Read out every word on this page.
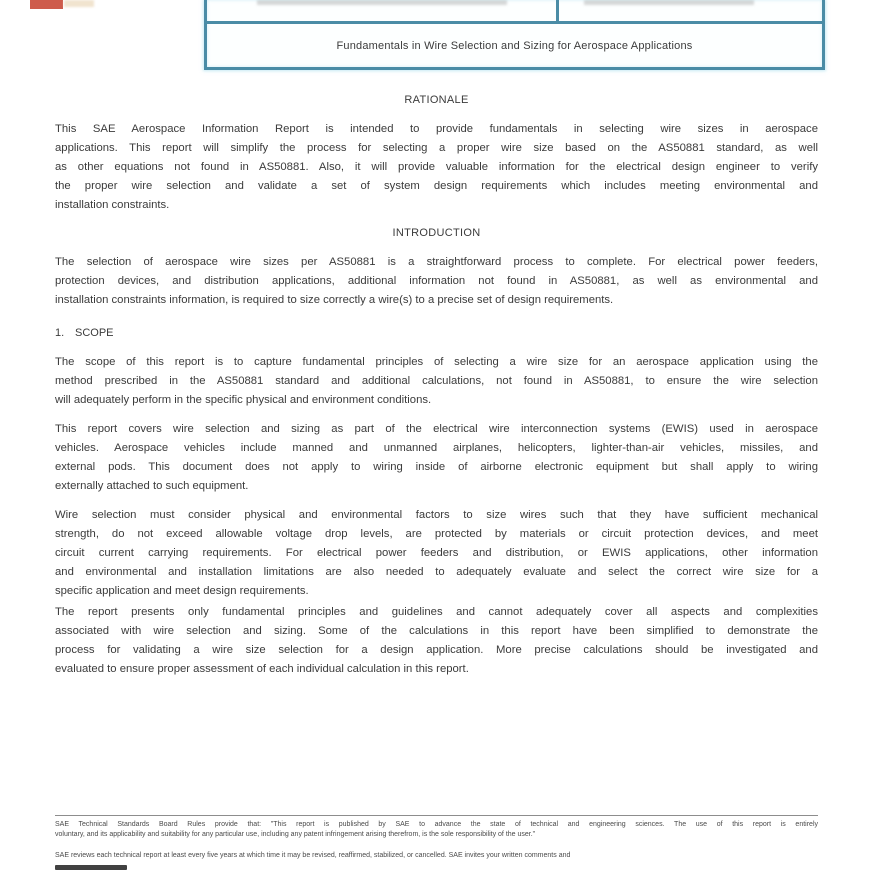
Fundamentals in Wire Selection and Sizing for Aerospace Applications
RATIONALE
This SAE Aerospace Information Report is intended to provide fundamentals in selecting wire sizes in aerospace
applications. This report will simplify the process for selecting a proper wire size based on the AS50881 standard, as well
as other equations not found in AS50881. Also, it will provide valuable information for the electrical design engineer to verify
the proper wire selection and validate a set of system design requirements which includes meeting environmental and
installation constraints.
INTRODUCTION
The selection of aerospace wire sizes per AS50881 is a straightforward process to complete. For electrical power feeders,
protection devices, and distribution applications, additional information not found in AS50881, as well as environmental and
installation constraints information, is required to size correctly a wire(s) to a precise set of design requirements.
1. SCOPE
The scope of this report is to capture fundamental principles of selecting a wire size for an aerospace application using the
method prescribed in the AS50881 standard and additional calculations, not found in AS50881, to ensure the wire selection
will adequately perform in the specific physical and environment conditions.
This report covers wire selection and sizing as part of the electrical wire interconnection systems (EWIS) used in aerospace
vehicles. Aerospace vehicles include manned and unmanned airplanes, helicopters, lighter-than-air vehicles, missiles, and
external pods. This document does not apply to wiring inside of airborne electronic equipment but shall apply to wiring
externally attached to such equipment.
Wire selection must consider physical and environmental factors to size wires such that they have sufficient mechanical
strength, do not exceed allowable voltage drop levels, are protected by materials or circuit protection devices, and meet
circuit current carrying requirements. For electrical power feeders and distribution, or EWIS applications, other information
and environmental and installation limitations are also needed to adequately evaluate and select the correct wire size for a
specific application and meet design requirements.
The report presents only fundamental principles and guidelines and cannot adequately cover all aspects and complexities
associated with wire selection and sizing. Some of the calculations in this report have been simplified to demonstrate the
process for validating a wire size selection for a design application. More precise calculations should be investigated and
evaluated to ensure proper assessment of each individual calculation in this report.
SAE Technical Standards Board Rules provide that: "This report is published by SAE to advance the state of technical and engineering sciences. The use of this report is entirely
voluntary, and its applicability and suitability for any particular use, including any patent infringement arising therefrom, is the sole responsibility of the user."
SAE reviews each technical report at least every five years at which time it may be revised, reaffirmed, stabilized, or cancelled. SAE invites your written comments and
